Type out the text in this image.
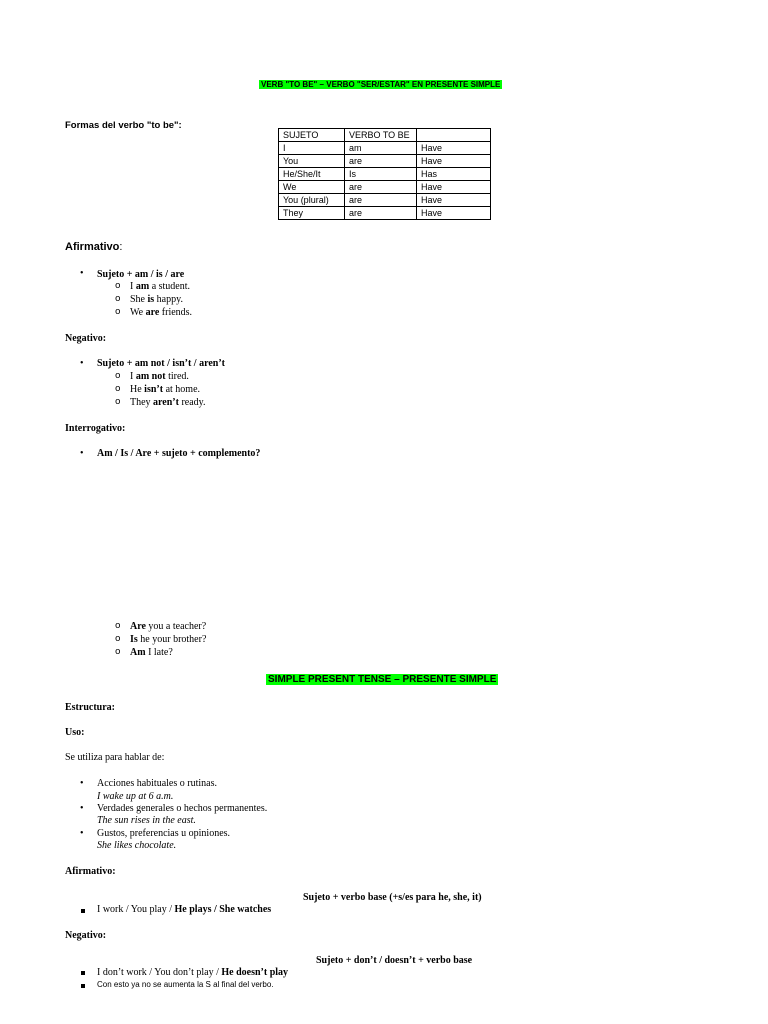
VERB "TO BE" – VERBO "SER/ESTAR" EN PRESENTE SIMPLE
Formas del verbo "to be":
SUJETO	VERBO TO BE	
I	am	Have
You	are	Have
He/She/It	Is	Has
We	are	Have
You (plural)	are	Have
They	are	Have
Afirmativo:
• Sujeto + am / is / are
o I am a student.
o She is happy.
o We are friends.
Negativo:
• Sujeto + am not / isn’t / aren’t
o I am not tired.
o He isn’t at home.
o They aren’t ready.
Interrogativo:
• Am / Is / Are + sujeto + complemento?
o Are you a teacher?
o Is he your brother?
o Am I late?
SIMPLE PRESENT TENSE – PRESENTE SIMPLE
Estructura:
Uso:
Se utiliza para hablar de:
• Acciones habituales o rutinas.
I wake up at 6 a.m.
• Verdades generales o hechos permanentes.
The sun rises in the east.
• Gustos, preferencias u opiniones.
She likes chocolate.
Afirmativo:
Sujeto + verbo base (+s/es para he, she, it)
I work / You play / He plays / She watches
Negativo:
Sujeto + don’t / doesn’t + verbo base
I don’t work / You don’t play / He doesn’t play
Con esto ya no se aumenta la S al final del verbo.
